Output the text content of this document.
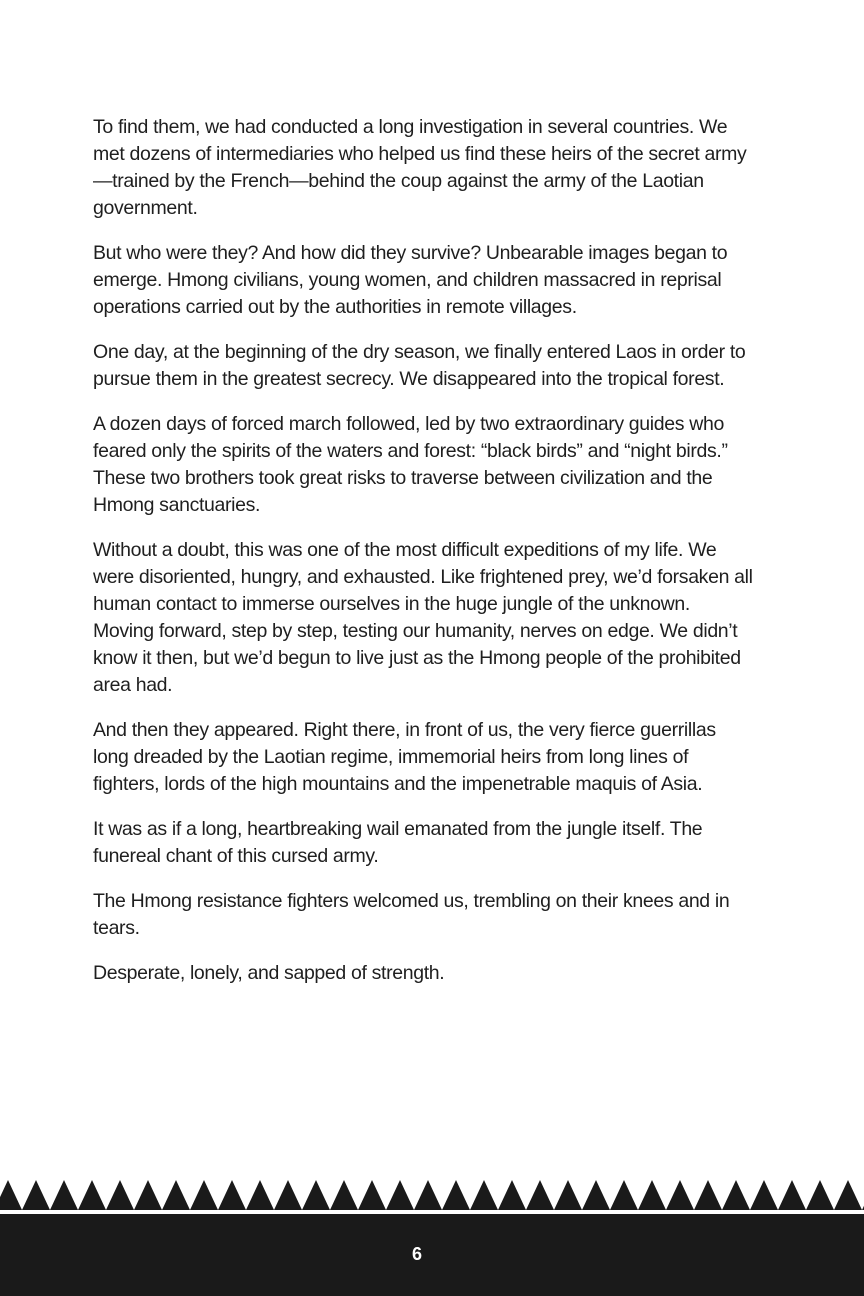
To find them, we had conducted a long investigation in several countries. We met dozens of intermediaries who helped us find these heirs of the secret army—trained by the French—behind the coup against the army of the Laotian government.

But who were they? And how did they survive? Unbearable images began to emerge. Hmong civilians, young women, and children massacred in reprisal operations carried out by the authorities in remote villages.

One day, at the beginning of the dry season, we finally entered Laos in order to pursue them in the greatest secrecy. We disappeared into the tropical forest.

A dozen days of forced march followed, led by two extraordinary guides who feared only the spirits of the waters and forest: “black birds” and “night birds.” These two brothers took great risks to traverse between civilization and the Hmong sanctuaries.

Without a doubt, this was one of the most difficult expeditions of my life. We were disoriented, hungry, and exhausted. Like frightened prey, we’d forsaken all human contact to immerse ourselves in the huge jungle of the unknown. Moving forward, step by step, testing our humanity, nerves on edge. We didn’t know it then, but we’d begun to live just as the Hmong people of the prohibited area had.

And then they appeared. Right there, in front of us, the very fierce guerrillas long dreaded by the Laotian regime, immemorial heirs from long lines of fighters, lords of the high mountains and the impenetrable maquis of Asia.

It was as if a long, heartbreaking wail emanated from the jungle itself. The funereal chant of this cursed army.

The Hmong resistance fighters welcomed us, trembling on their knees and in tears.

Desperate, lonely, and sapped of strength.

6
